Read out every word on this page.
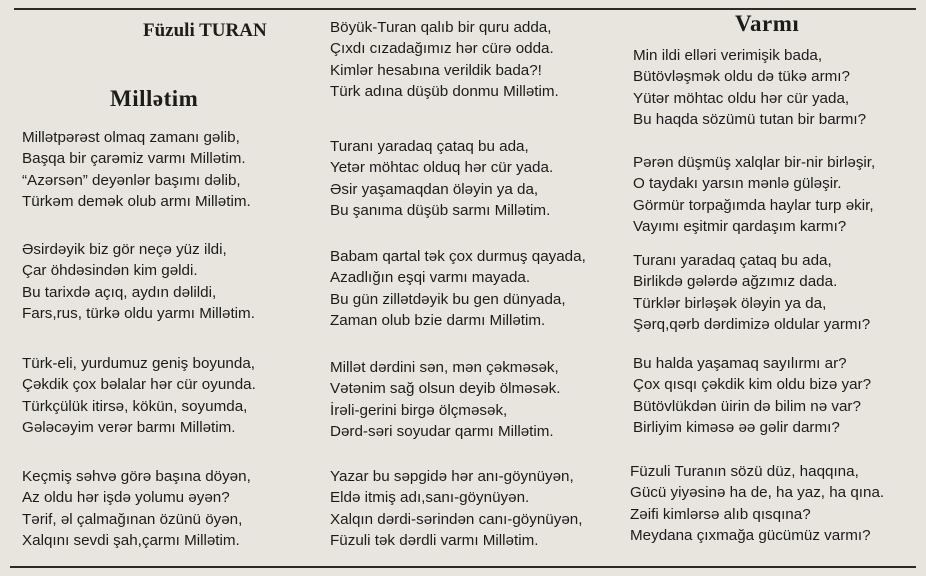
Füzuli TURAN
Millətim
Varmı
Millətpərəst olmaq zamanı gəlib,
Başqa bir çarəmiz varmı Millətim.
“Azərsən” deyənlər başımı dəlib,
Türkəm demək olub armı Millətim.
Əsirdəyik biz gör neçə yüz ildi,
Çar öhdəsindən kim gəldi.
Bu tarixdə açıq, aydın dəlildi,
Fars,rus, türkə oldu yarmı Millətim.
Türk-eli, yurdumuz geniş boyunda,
Çəkdik çox bəlalar hər cür oyunda.
Türkçülük itirsə, kökün, soyumda,
Gələcəyim verər barmı Millətim.
Keçmiş səhvə görə başına döyən,
Az oldu hər işdə yolumu əyən?
Tərif, əl çalmağınan özünü öyən,
Xalqını sevdi şah,çarmı Millətim.
Böyük-Turan qalıb bir quru adda,
Çıxdı cızadağımız hər cürə odda.
Kimlər hesabına verildik bada?!
Türk adına düşüb donmu Millətim.
Turanı yaradaq çataq bu ada,
Yetər möhtac olduq hər cür yada.
Əsir yaşamaqdan öləyin ya da,
Bu şanıma düşüb sarmı Millətim.
Babam qartal tək çox durmuş qayada,
Azadlığın eşqi varmı mayada.
Bu gün zillətdəyik bu gen dünyada,
Zaman olub bzie darmı Millətim.
Millət dərdini sən, mən çəkməsək,
Vətənim sağ olsun deyib ölməsək.
İrəli-gerini birgə ölçməsək,
Dərd-səri soyudar qarmı Millətim.
Yazar bu səpgidə hər anı-göynüyən,
Eldə itmiş adı,sanı-göynüyən.
Xalqın dərdi-sərindən canı-göynüyən,
Füzuli tək dərdli varmı Millətim.
Min ildi elləri verimişik bada,
Bütövləşmək oldu də tükə armı?
Yütər möhtac oldu hər cür yada,
Bu haqda sözümü tutan bir barmı?
Pərən düşmüş xalqlar bir-nir birləşir,
O taydakı yarsın mənlə güləşir.
Görmür torpağımda haylar turp əkir,
Vayımı eşitmir qardaşım karmı?
Turanı yaradaq çataq bu ada,
Birlikdə gələrdə ağzımız dada.
Türklər birləşək öləyin ya da,
Şərq,qərb dərdimizə oldular yarmı?
Bu halda yaşamaq sayılırmı ar?
Çox qısqı çəkdik kim oldu bizə yar?
Bütövlükdən üirin də bilim nə var?
Birliyim kiməsə əə gəlir darmı?
Füzuli Turanın sözü düz, haqqına,
Gücü yiyəsinə ha de, ha yaz, ha qına.
Zəifi kimlərsə alıb qısqına?
Meydana çıxmağa gücümüz varmı?
